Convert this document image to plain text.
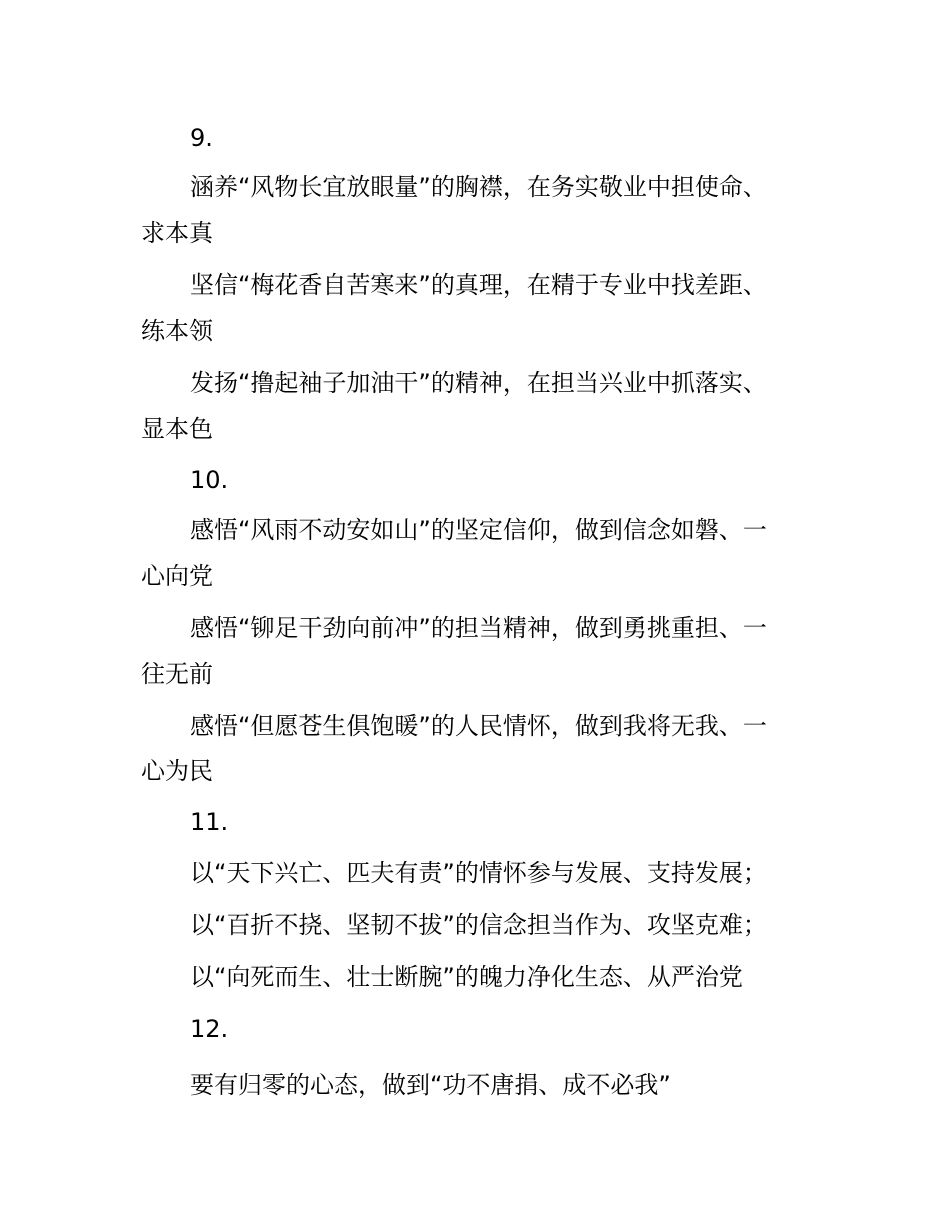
9.
涵养“风物长宜放眼量”的胸襟，在务实敬业中担使命、
求本真
坚信“梅花香自苦寒来”的真理，在精于专业中找差距、
练本领
发扬“撸起袖子加油干”的精神，在担当兴业中抓落实、
显本色
10.
感悟“风雨不动安如山”的坚定信仰，做到信念如磐、一
心向党
感悟“铆足干劲向前冲”的担当精神，做到勇挑重担、一
往无前
感悟“但愿苍生俱饱暖”的人民情怀，做到我将无我、一
心为民
11.
以“天下兴亡、匹夫有责”的情怀参与发展、支持发展；
以“百折不挠、坚韧不拔”的信念担当作为、攻坚克难；
以“向死而生、壮士断腕”的魄力净化生态、从严治党
12.
要有归零的心态，做到“功不唐捐、成不必我”
